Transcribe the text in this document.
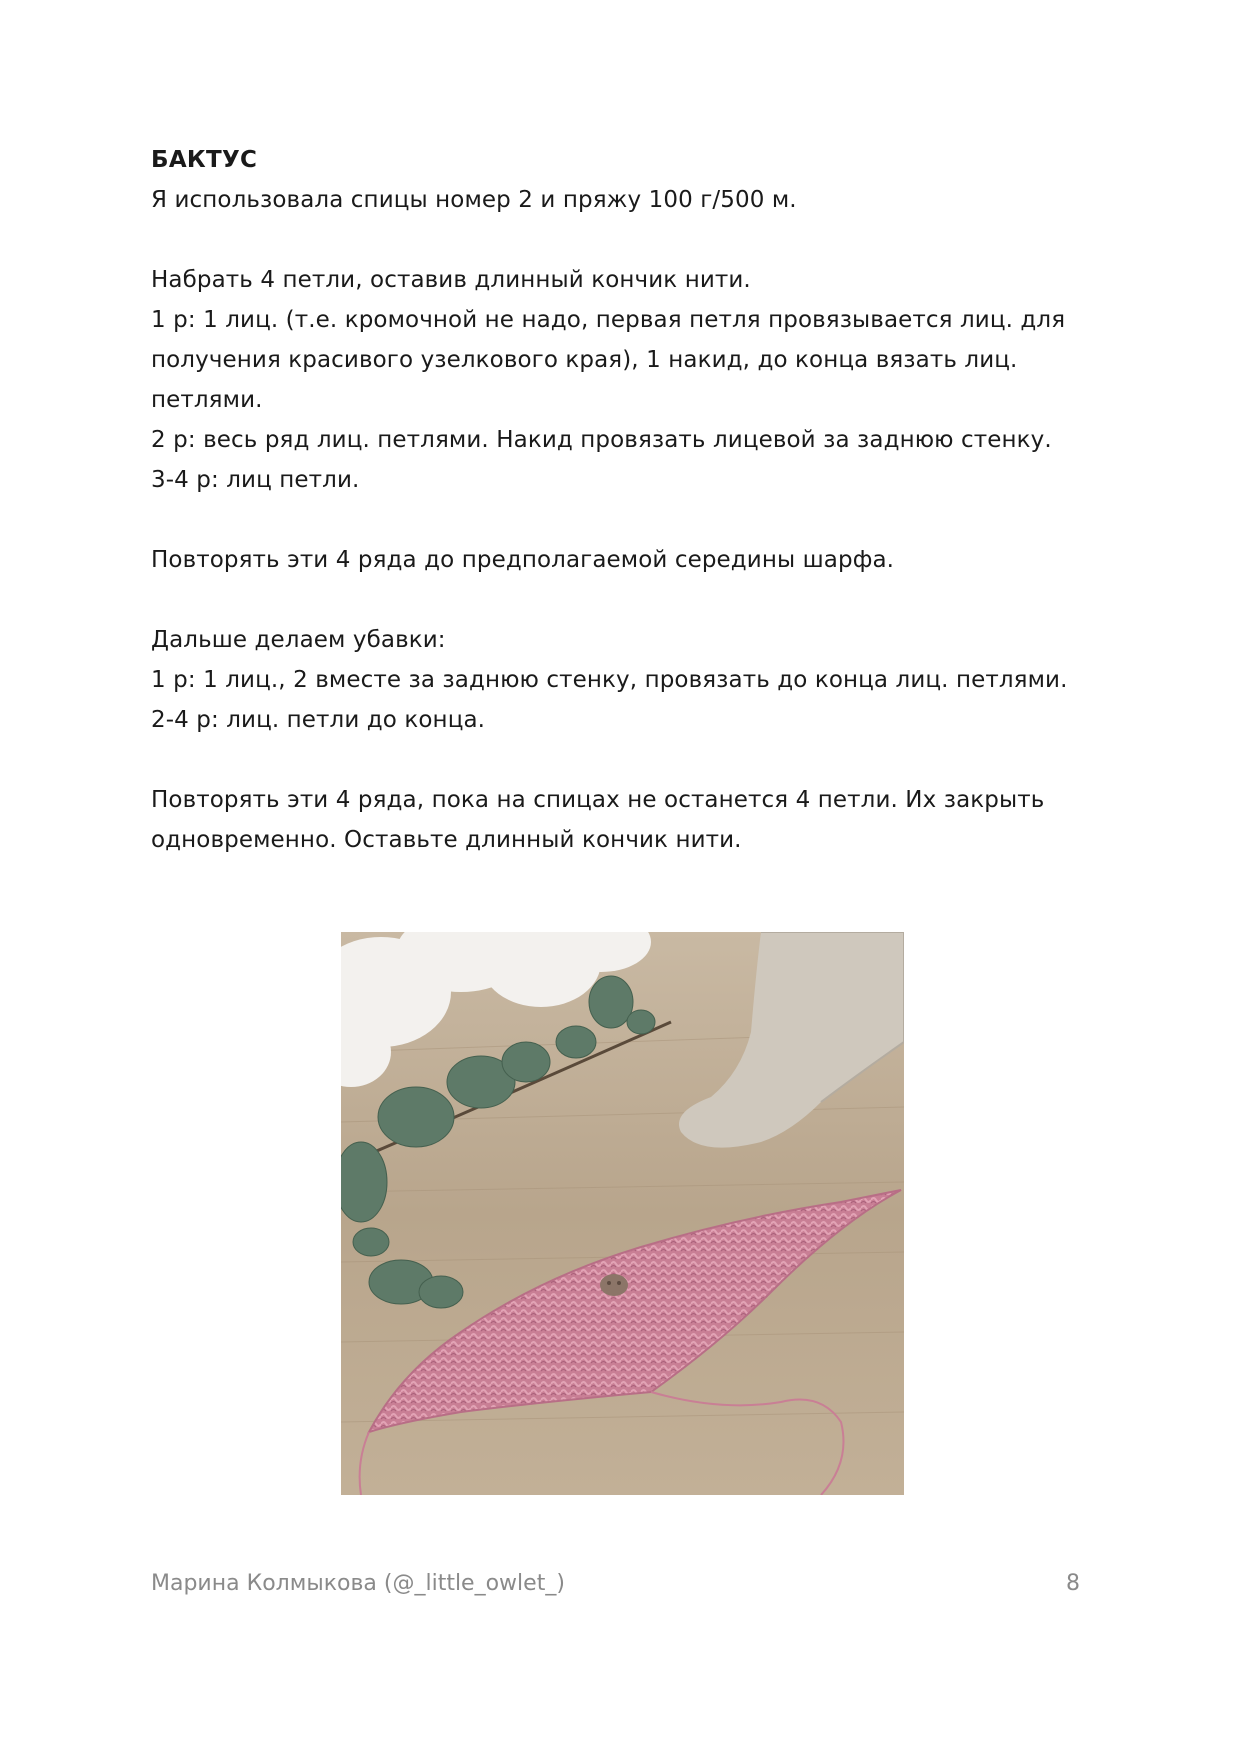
БАКТУС

Я использовала спицы номер 2 и пряжу 100 г/500 м.

Набрать 4 петли, оставив длинный кончик нити.

1 р: 1 лиц. (т.е. кромочной не надо, первая петля провязывается лиц. для

получения красивого узелкового края), 1 накид, до конца вязать лиц.

петлями.

2 р: весь ряд лиц. петлями. Накид провязать лицевой за заднюю стенку.

3-4 р: лиц петли.

Повторять эти 4 ряда до предполагаемой середины шарфа.

Дальше делаем убавки:

1 р: 1 лиц., 2 вместе за заднюю стенку, провязать до конца лиц. петлями.

2-4 р: лиц. петли до конца.

Повторять эти 4 ряда, пока на спицах не останется 4 петли. Их закрыть

одновременно. Оставьте длинный кончик нити.

Марина Колмыкова (@_little_owlet_)	8
